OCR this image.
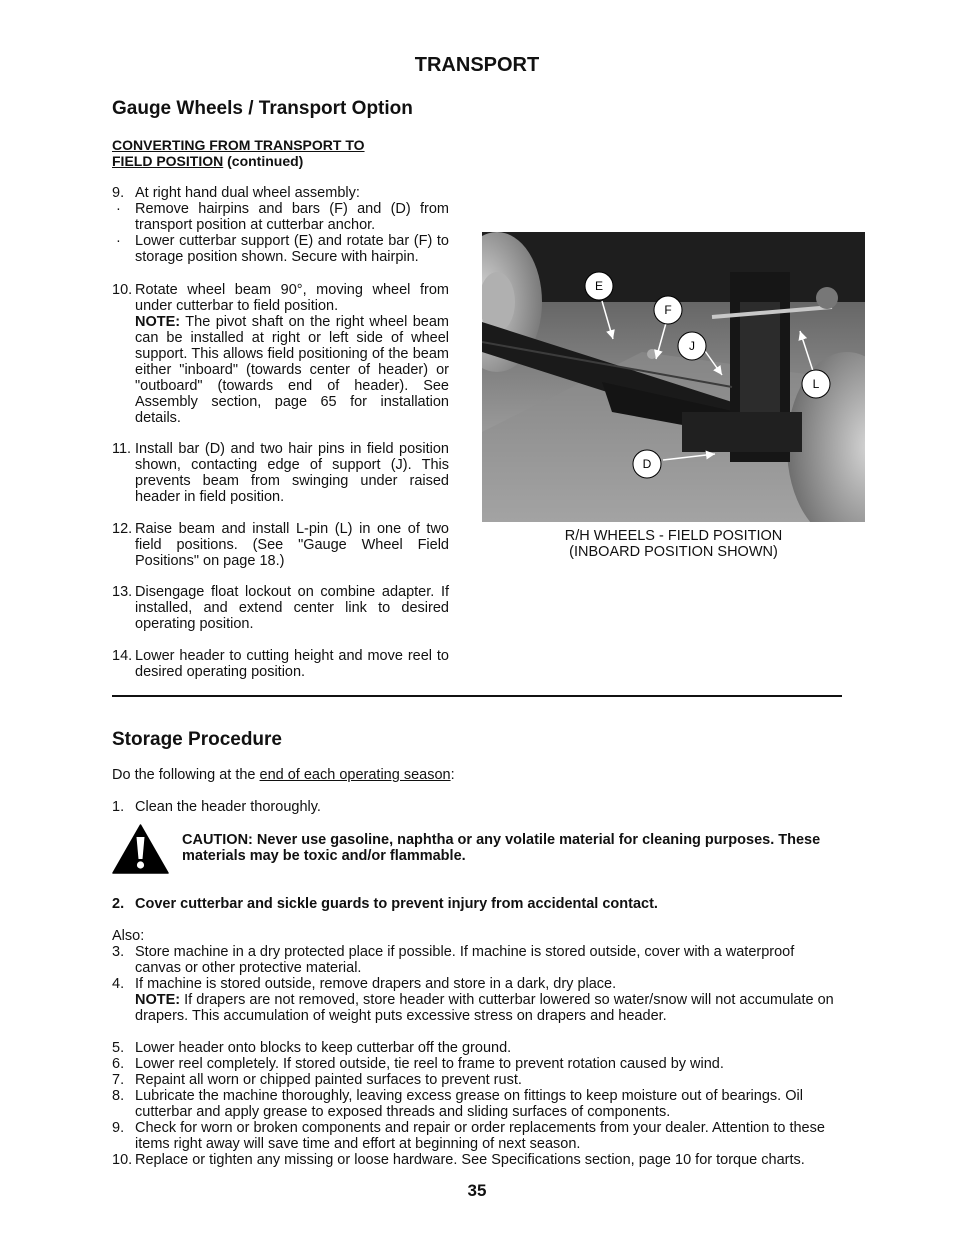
TRANSPORT
Gauge Wheels / Transport Option
CONVERTING FROM TRANSPORT TO
FIELD POSITION (continued)
9. At right hand dual wheel assembly:
· Remove hairpins and bars (F) and (D) from transport position at cutterbar anchor.
· Lower cutterbar support (E) and rotate bar (F) to storage position shown. Secure with hairpin.
10. Rotate wheel beam 90°, moving wheel from under cutterbar to field position.
NOTE: The pivot shaft on the right wheel beam can be installed at right or left side of wheel support. This allows field positioning of the beam either "inboard" (towards center of header) or "outboard" (towards end of header). See Assembly section, page 65 for installation details.
11. Install bar (D) and two hair pins in field position shown, contacting edge of support (J). This prevents beam from swinging under raised header in field position.
12. Raise beam and install L-pin (L) in one of two field positions. (See "Gauge Wheel Field Positions" on page 18.)
13. Disengage float lockout on combine adapter. If installed, and extend center link to desired operating position.
14. Lower header to cutting height and move reel to desired operating position.
E
F
J
L
D
R/H WHEELS - FIELD POSITION
(INBOARD POSITION SHOWN)
Storage Procedure
Do the following at the end of each operating season:
1. Clean the header thoroughly.
CAUTION: Never use gasoline, naphtha or any volatile material for cleaning purposes. These materials may be toxic and/or flammable.
2. Cover cutterbar and sickle guards to prevent injury from accidental contact.
Also:
3. Store machine in a dry protected place if possible. If machine is stored outside, cover with a waterproof canvas or other protective material.
4. If machine is stored outside, remove drapers and store in a dark, dry place.
NOTE: If drapers are not removed, store header with cutterbar lowered so water/snow will not accumulate on drapers. This accumulation of weight puts excessive stress on drapers and header.
5. Lower header onto blocks to keep cutterbar off the ground.
6. Lower reel completely. If stored outside, tie reel to frame to prevent rotation caused by wind.
7. Repaint all worn or chipped painted surfaces to prevent rust.
8. Lubricate the machine thoroughly, leaving excess grease on fittings to keep moisture out of bearings. Oil cutterbar and apply grease to exposed threads and sliding surfaces of components.
9. Check for worn or broken components and repair or order replacements from your dealer. Attention to these items right away will save time and effort at beginning of next season.
10. Replace or tighten any missing or loose hardware. See Specifications section, page 10 for torque charts.
35
